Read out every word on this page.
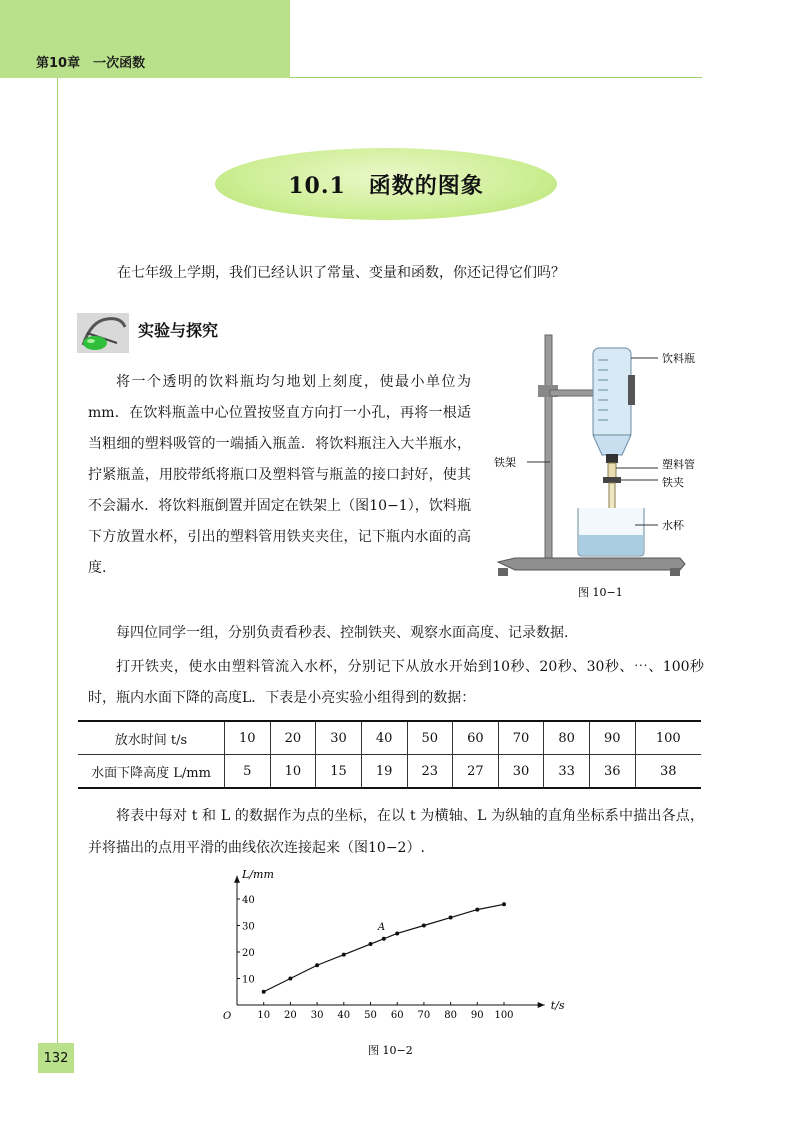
第10章　一次函数
10.1　函数的图象

在七年级上学期，我们已经认识了常量、变量和函数，你还记得它们吗？

实验与探究

将一个透明的饮料瓶均匀地划上刻度，使最小单位为 mm．在饮料瓶盖中心位置按竖直方向打一小孔，再将一根适当粗细的塑料吸管的一端插入瓶盖．将饮料瓶注入大半瓶水，拧紧瓶盖，用胶带纸将瓶口及塑料管与瓶盖的接口封好，使其不会漏水．将饮料瓶倒置并固定在铁架上（图10−1），饮料瓶下方放置水杯，引出的塑料管用铁夹夹住，记下瓶内水面的高度.

饮料瓶
铁架	塑料管
铁夹
水杯
图 10−1

每四位同学一组，分别负责看秒表、控制铁夹、观察水面高度、记录数据.

打开铁夹，使水由塑料管流入水杯，分别记下从放水开始到10秒、20秒、30秒、⋯、100秒时，瓶内水面下降的高度L．下表是小亮实验小组得到的数据：

放水时间 t/s	10	20	30	40	50	60	70	80	90	100
水面下降高度 L/mm	5	10	15	19	23	27	30	33	36	38

将表中每对 t 和 L 的数据作为点的坐标，在以 t 为横轴、L 为纵轴的直角坐标系中描出各点，并将描出的点用平滑的曲线依次连接起来（图10−2）.

10 20 30 40 50 60 70 80 90 100
10
20
30
40
O
t/s
L/mm
A
图 10−2
132
